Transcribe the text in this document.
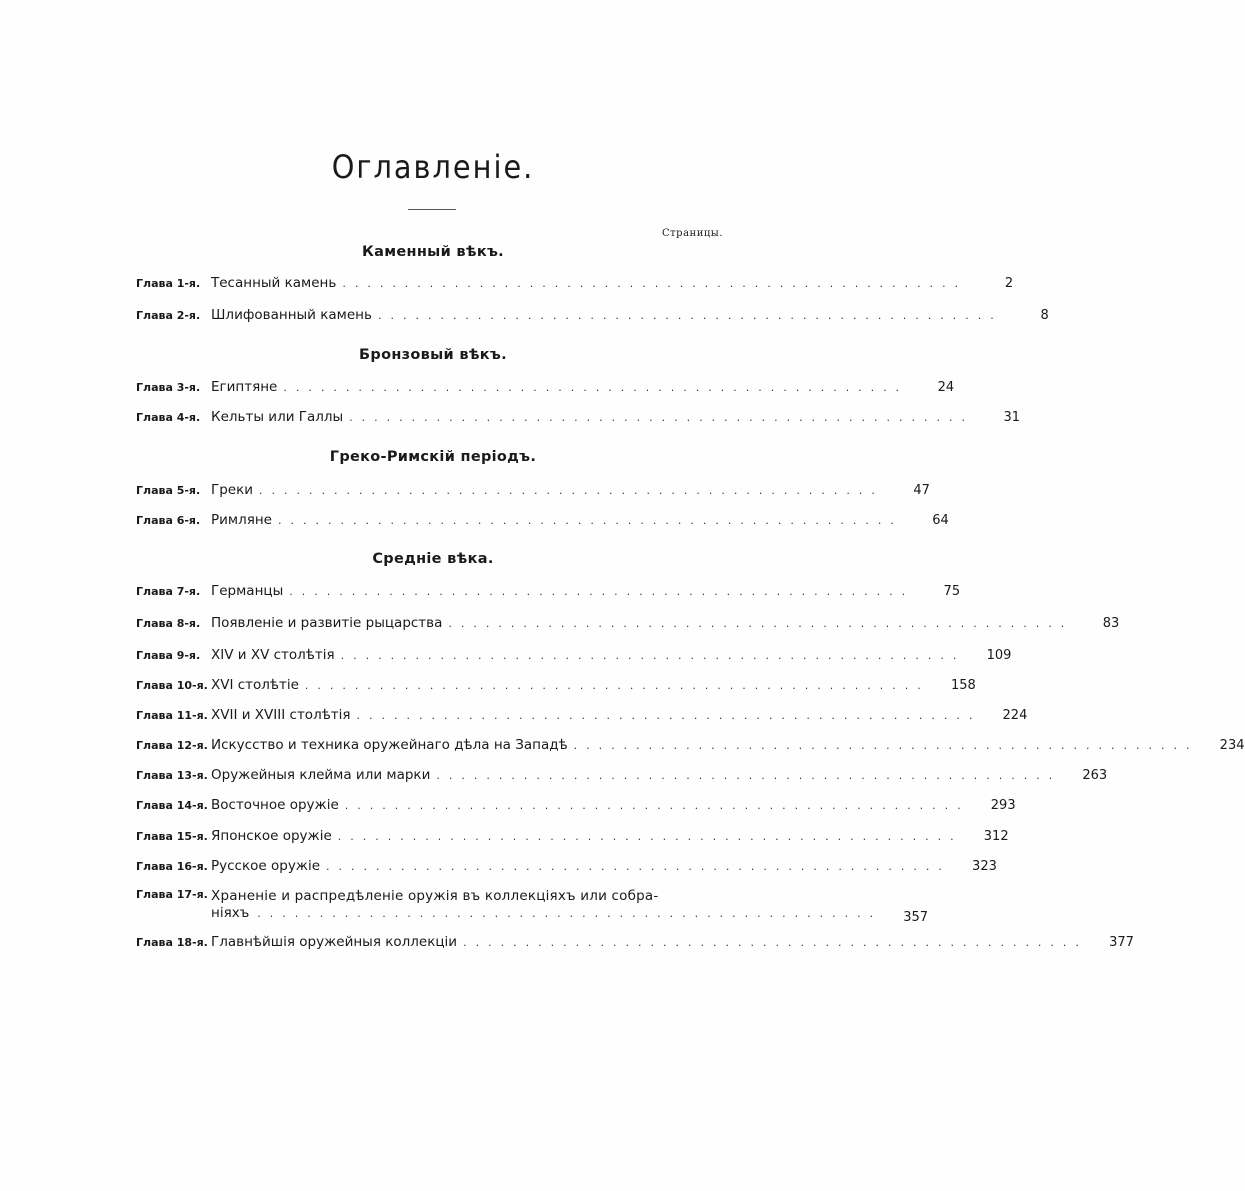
Оглавленіе.
Страницы.
Каменный вѣкъ.
Глава 1-я. Тесанный камень ..................................................	2
Глава 2-я. Шлифованный камень ..................................................	8
Бронзовый вѣкъ.
Глава 3-я. Египтяне ..................................................	24
Глава 4-я. Кельты или Галлы ..................................................	31
Греко-Римскій періодъ.
Глава 5-я. Греки ..................................................	47
Глава 6-я. Римляне ..................................................	64
Средніе вѣка.
Глава 7-я. Германцы ..................................................	75
Глава 8-я. Появленіе и развитіе рыцарства ..................................................	83
Глава 9-я. XIV и XV столѣтія ..................................................	109
Глава 10-я. XVI столѣтіе ..................................................	158
Глава 11-я. XVII и XVIII столѣтія ..................................................	224
Глава 12-я. Искусство и техника оружейнаго дѣла на Западѣ ..................................................	234
Глава 13-я. Оружейныя клейма или марки ..................................................	263
Глава 14-я. Восточное оружіе ..................................................	293
Глава 15-я. Японское оружіе ..................................................	312
Глава 16-я. Русское оружіе ..................................................	323
Глава 17-я. Храненіе и распредѣленіе оружія въ коллекціяхъ или собра-
ніяхъ ..................................................	357
Глава 18-я. Главнѣйшія оружейныя коллекціи ..................................................	377
